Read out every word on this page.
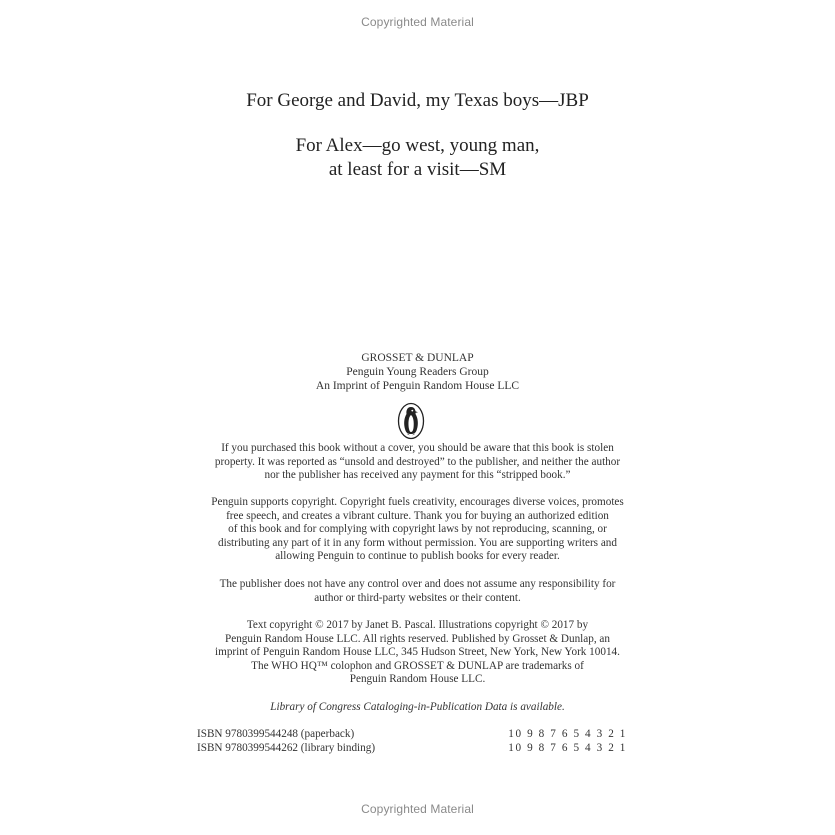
Copyrighted Material
For George and David, my Texas boys—JBP
For Alex—go west, young man,
at least for a visit—SM
GROSSET & DUNLAP
Penguin Young Readers Group
An Imprint of Penguin Random House LLC
If you purchased this book without a cover, you should be aware that this book is stolen
property. It was reported as “unsold and destroyed” to the publisher, and neither the author
nor the publisher has received any payment for this “stripped book.”
Penguin supports copyright. Copyright fuels creativity, encourages diverse voices, promotes
free speech, and creates a vibrant culture. Thank you for buying an authorized edition
of this book and for complying with copyright laws by not reproducing, scanning, or
distributing any part of it in any form without permission. You are supporting writers and
allowing Penguin to continue to publish books for every reader.
The publisher does not have any control over and does not assume any responsibility for
author or third-party websites or their content.
Text copyright © 2017 by Janet B. Pascal. Illustrations copyright © 2017 by
Penguin Random House LLC. All rights reserved. Published by Grosset & Dunlap, an
imprint of Penguin Random House LLC, 345 Hudson Street, New York, New York 10014.
The WHO HQ™ colophon and GROSSET & DUNLAP are trademarks of
Penguin Random House LLC.
Library of Congress Cataloging-in-Publication Data is available.
ISBN 9780399544248 (paperback)	10 9 8 7 6 5 4 3 2 1
ISBN 9780399544262 (library binding)	10 9 8 7 6 5 4 3 2 1
Copyrighted Material
